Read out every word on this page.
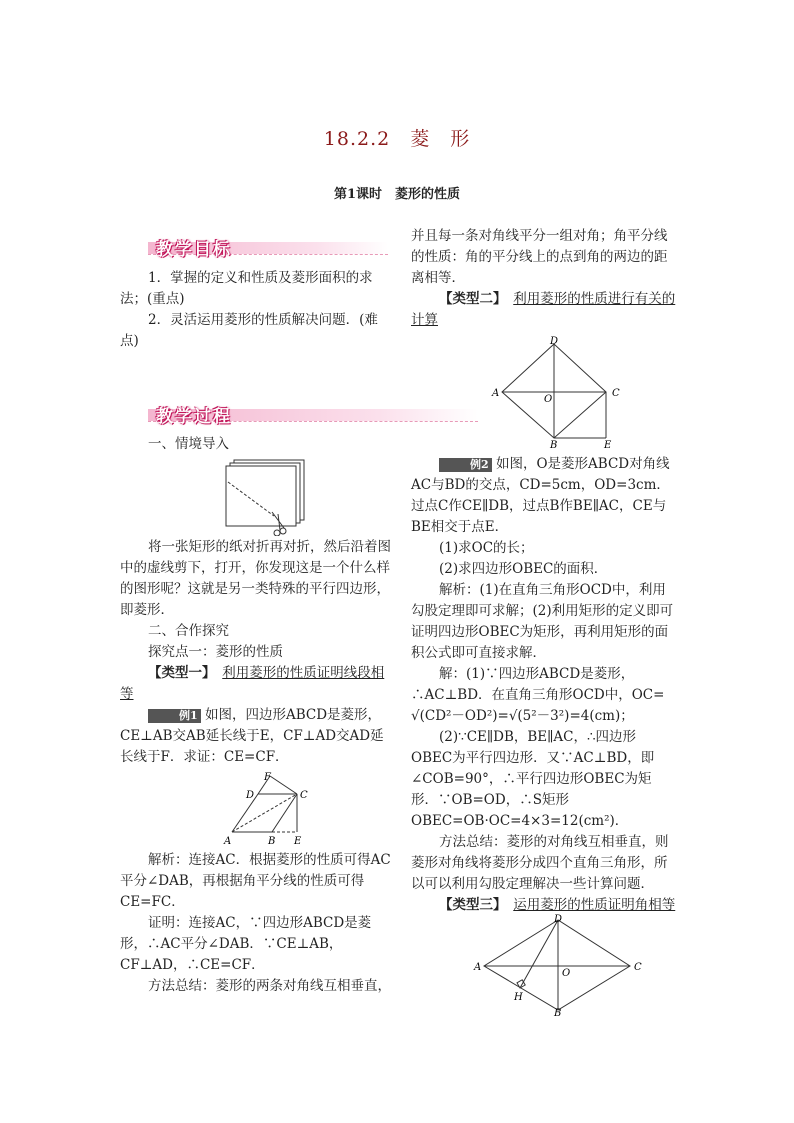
18.2.2　菱　形
第1课时　菱形的性质
教学目标

1．掌握的定义和性质及菱形面积的求法；(重点)

2．灵活运用菱形的性质解决问题．(难点)

教学过程

一、情境导入

将一张矩形的纸对折再对折，然后沿着图中的虚线剪下，打开，你发现这是一个什么样的图形呢？这就是另一类特殊的平行四边形，即菱形．

二、合作探究

探究点一：菱形的性质

【类型一】　 利用菱形的性质证明线段相等

例1 如图，四边形ABCD是菱形，CE⊥AB交AB延长线于E，CF⊥AD交AD延长线于F．求证：CE=CF．

F
D	C
A	B E

解析：连接AC．根据菱形的性质可得AC平分∠DAB，再根据角平分线的性质可得CE=FC．

证明：连接AC，∵四边形ABCD是菱形，∴AC平分∠DAB．∵CE⊥AB，CF⊥AD，∴CE=CF．

方法总结：菱形的两条对角线互相垂直，

并且每一条对角线平分一组对角；角平分线的性质：角的平分线上的点到角的两边的距离相等．

【类型二】　 利用菱形的性质进行有关的计算

D
A
O
C
B	E

例2 如图，O是菱形ABCD对角线AC与BD的交点，CD=5cm，OD=3cm．过点C作CE∥DB，过点B作BE∥AC，CE与BE相交于点E．

(1)求OC的长；

(2)求四边形OBEC的面积．

解析：(1)在直角三角形OCD中，利用勾股定理即可求解；(2)利用矩形的定义即可证明四边形OBEC为矩形，再利用矩形的面积公式即可直接求解．

解：(1)∵四边形ABCD是菱形，∴AC⊥BD．在直角三角形OCD中，OC=

√(CD²－OD²)=√(5²－3²)=4(cm)；

(2)∵CE∥DB，BE∥AC，∴四边形OBEC为平行四边形．又∵AC⊥BD，即∠COB=90°，∴平行四边形OBEC为矩形．∵OB=OD，∴S矩形OBEC=OB·OC=4×3=12(cm²)．

方法总结：菱形的对角线互相垂直，则菱形对角线将菱形分成四个直角三角形，所以可以利用勾股定理解决一些计算问题．

【类型三】　 运用菱形的性质证明角相等

D
A
O
C
H
B
